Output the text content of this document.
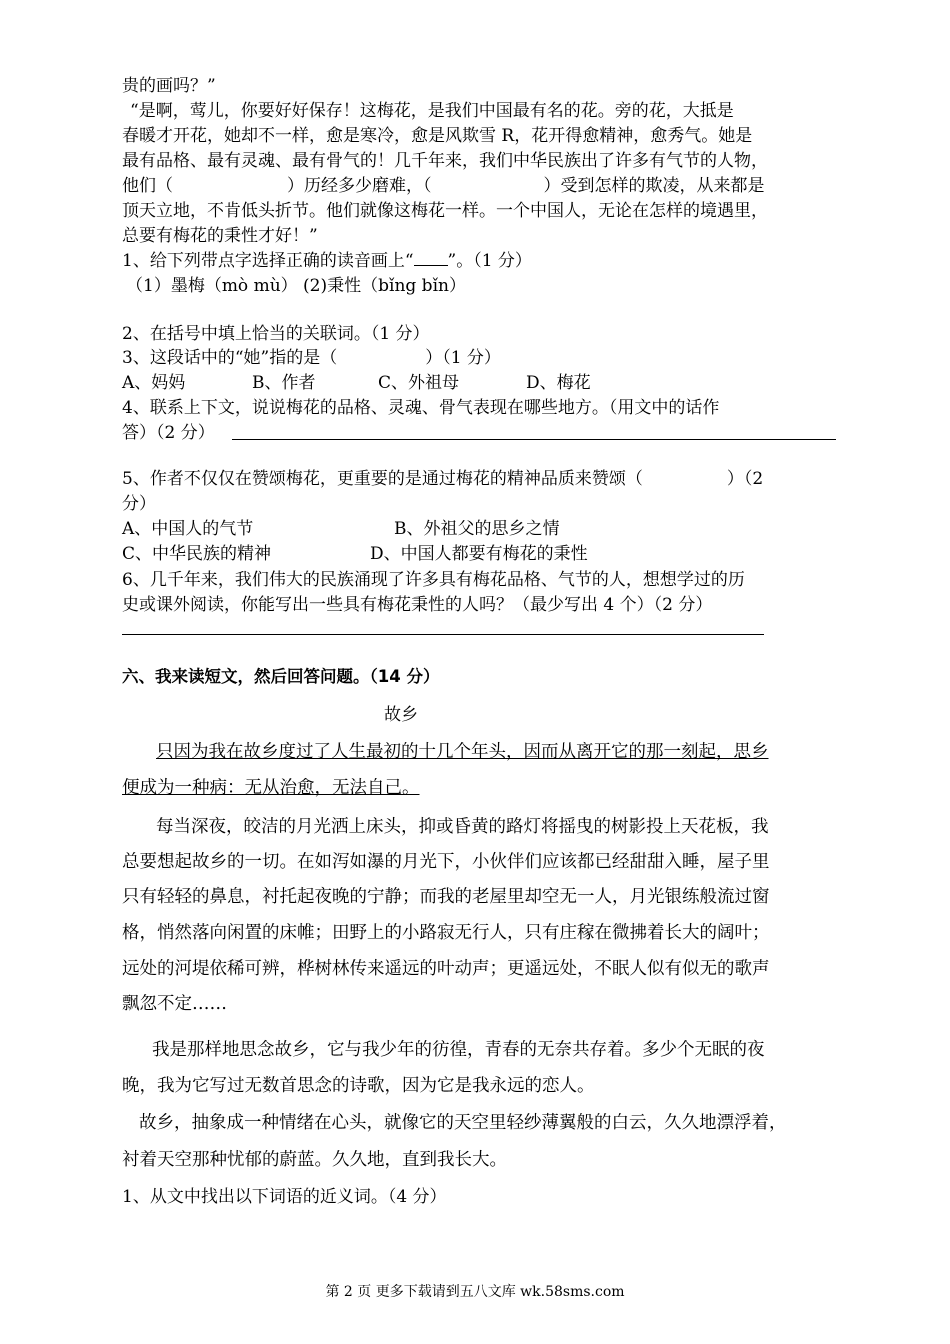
贵的画吗？”
“是啊，莺儿，你要好好保存！这梅花，是我们中国最有名的花。旁的花，大抵是
春暖才开花，她却不一样，愈是寒冷，愈是风欺雪 R，花开得愈精神，愈秀气。她是
最有品格、最有灵魂、最有骨气的！几千年来，我们中华民族出了许多有气节的人物，
他们（	）历经多少磨难，（	）受到怎样的欺凌，从来都是
顶天立地，不肯低头折节。他们就像这梅花一样。一个中国人，无论在怎样的境遇里，
总要有梅花的秉性才好！”
1、给下列带点字选择正确的读音画上“ ”。（1 分）
（1）墨梅（mò mù） (2)秉性（bǐng bǐn）
2、在括号中填上恰当的关联词。（1 分）
3、这段话中的“她”指的是（	）（1 分）
A、妈妈	B、作者	C、外祖母	D、梅花
4、联系上下文，说说梅花的品格、灵魂、骨气表现在哪些地方。（用文中的话作
答）（2 分）
5、作者不仅仅在赞颂梅花，更重要的是通过梅花的精神品质来赞颂（	）（2
分）
A、中国人的气节	B、外祖父的思乡之情
C、中华民族的精神	D、中国人都要有梅花的秉性
6、几千年来，我们伟大的民族涌现了许多具有梅花品格、气节的人，想想学过的历
史或课外阅读，你能写出一些具有梅花秉性的人吗？（最少写出 4 个）（2 分）
六、我来读短文，然后回答问题。（14 分）
故乡
只因为我在故乡度过了人生最初的十几个年头，因而从离开它的那一刻起，思乡
便成为一种病：无从治愈，无法自己。
每当深夜，皎洁的月光洒上床头，抑或昏黄的路灯将摇曳的树影投上天花板，我
总要想起故乡的一切。在如泻如瀑的月光下，小伙伴们应该都已经甜甜入睡，屋子里
只有轻轻的鼻息，衬托起夜晚的宁静；而我的老屋里却空无一人，月光银练般流过窗
格，悄然落向闲置的床帷；田野上的小路寂无行人，只有庄稼在微拂着长大的阔叶；
远处的河堤依稀可辨，桦树林传来遥远的叶动声；更遥远处，不眠人似有似无的歌声
飘忽不定……
我是那样地思念故乡，它与我少年的彷徨，青春的无奈共存着。多少个无眠的夜
晚，我为它写过无数首思念的诗歌，因为它是我永远的恋人。
故乡，抽象成一种情绪在心头，就像它的天空里轻纱薄翼般的白云，久久地漂浮着，
衬着天空那种忧郁的蔚蓝。久久地，直到我长大。
1、从文中找出以下词语的近义词。（4 分）
第 2 页 更多下载请到五八文库 wk.58sms.com
